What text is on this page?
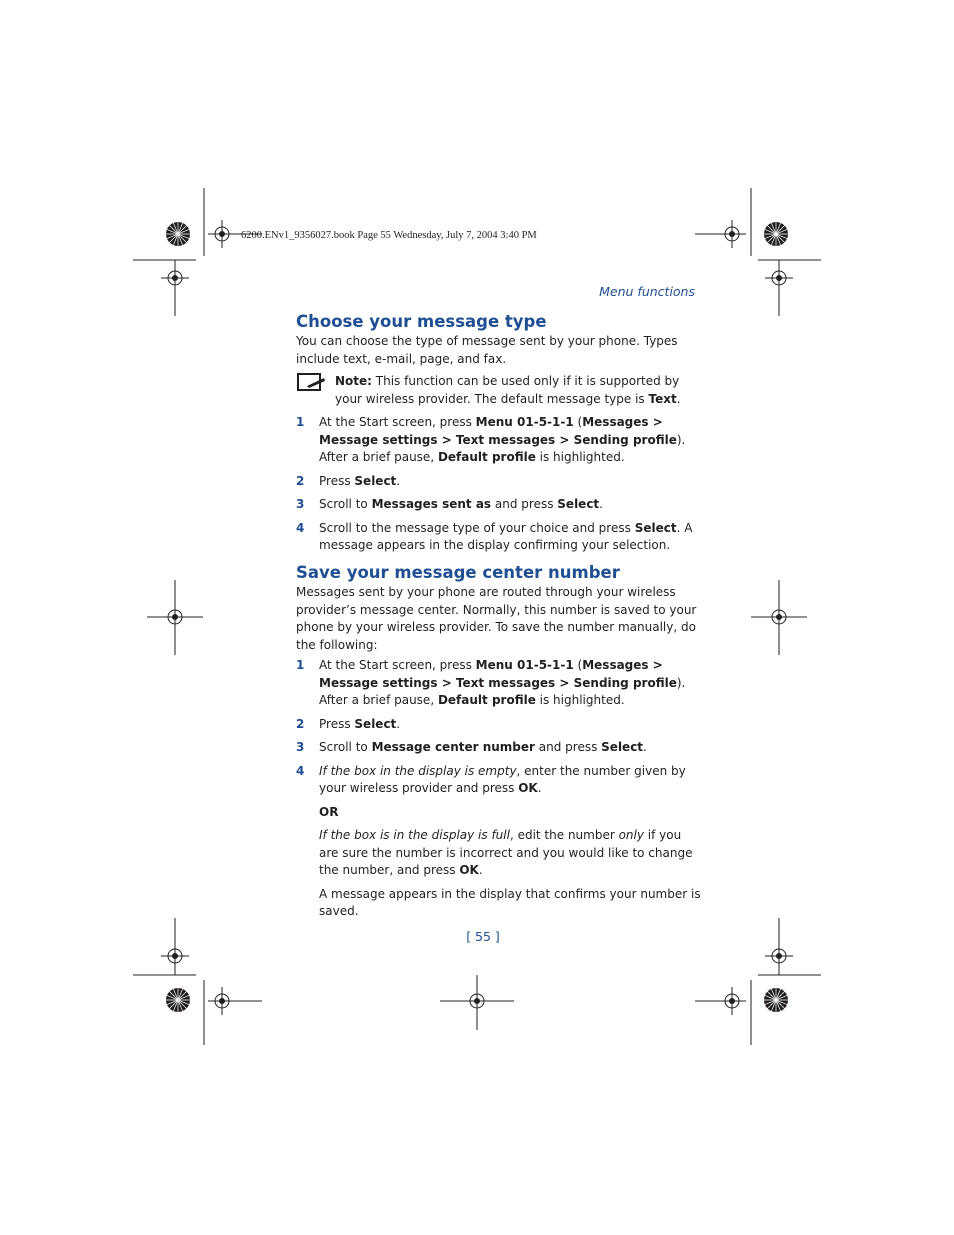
6200.ENv1_9356027.book Page 55 Wednesday, July 7, 2004 3:40 PM
Menu functions
Choose your message type

You can choose the type of message sent by your phone. Types include text, e-mail, page, and fax.

Note: This function can be used only if it is supported by your wireless provider. The default message type is Text.

1 At the Start screen, press Menu 01-5-1-1 (Messages > Message settings > Text messages > Sending profile). After a brief pause, Default profile is highlighted.

2 Press Select.

3 Scroll to Messages sent as and press Select.

4 Scroll to the message type of your choice and press Select. A message appears in the display confirming your selection.

Save your message center number

Messages sent by your phone are routed through your wireless provider’s message center. Normally, this number is saved to your phone by your wireless provider. To save the number manually, do the following:

1 At the Start screen, press Menu 01-5-1-1 (Messages > Message settings > Text messages > Sending profile). After a brief pause, Default profile is highlighted.

2 Press Select.

3 Scroll to Message center number and press Select.

4 If the box in the display is empty, enter the number given by your wireless provider and press OK.

OR

If the box is in the display is full, edit the number only if you are sure the number is incorrect and you would like to change the number, and press OK.

A message appears in the display that confirms your number is saved.

[ 55 ]
